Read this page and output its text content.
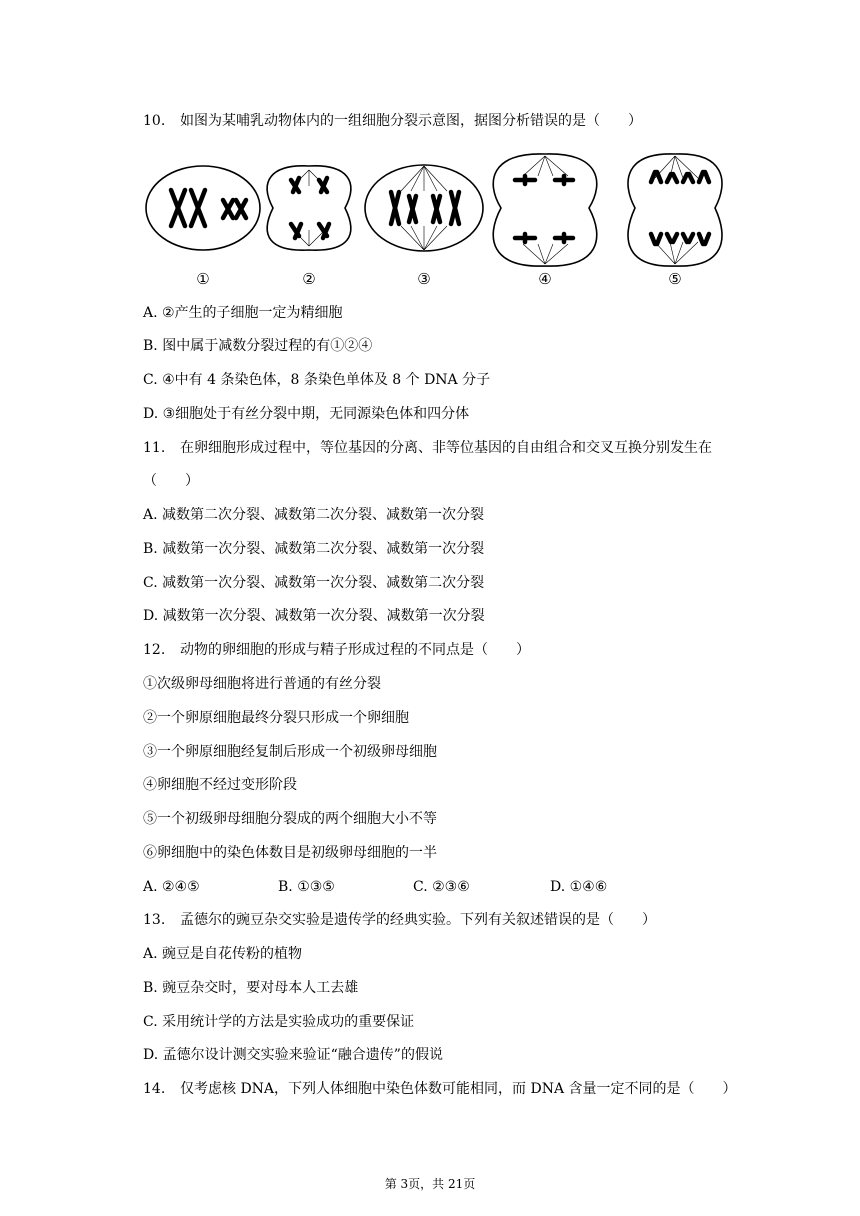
10. 如图为某哺乳动物体内的一组细胞分裂示意图，据图分析错误的是（　　）
①	②	③	④	⑤
A. ②产生的子细胞一定为精细胞
B. 图中属于减数分裂过程的有①②④
C. ④中有 4 条染色体，8 条染色单体及 8 个 DNA 分子
D. ③细胞处于有丝分裂中期，无同源染色体和四分体
11. 在卵细胞形成过程中，等位基因的分离、非等位基因的自由组合和交叉互换分别发生在
（　　）
A. 减数第二次分裂、减数第二次分裂、减数第一次分裂
B. 减数第一次分裂、减数第二次分裂、减数第一次分裂
C. 减数第一次分裂、减数第一次分裂、减数第二次分裂
D. 减数第一次分裂、减数第一次分裂、减数第一次分裂
12. 动物的卵细胞的形成与精子形成过程的不同点是（　　）
①次级卵母细胞将进行普通的有丝分裂
②一个卵原细胞最终分裂只形成一个卵细胞
③一个卵原细胞经复制后形成一个初级卵母细胞
④卵细胞不经过变形阶段
⑤一个初级卵母细胞分裂成的两个细胞大小不等
⑥卵细胞中的染色体数目是初级卵母细胞的一半
A. ②④⑤	B. ①③⑤	C. ②③⑥	D. ①④⑥
13. 孟德尔的豌豆杂交实验是遗传学的经典实验。下列有关叙述错误的是（　　）
A. 豌豆是自花传粉的植物
B. 豌豆杂交时，要对母本人工去雄
C. 采用统计学的方法是实验成功的重要保证
D. 孟德尔设计测交实验来验证“融合遗传”的假说
14. 仅考虑核 DNA，下列人体细胞中染色体数可能相同，而 DNA 含量一定不同的是（　　）
第 3页，共 21页
